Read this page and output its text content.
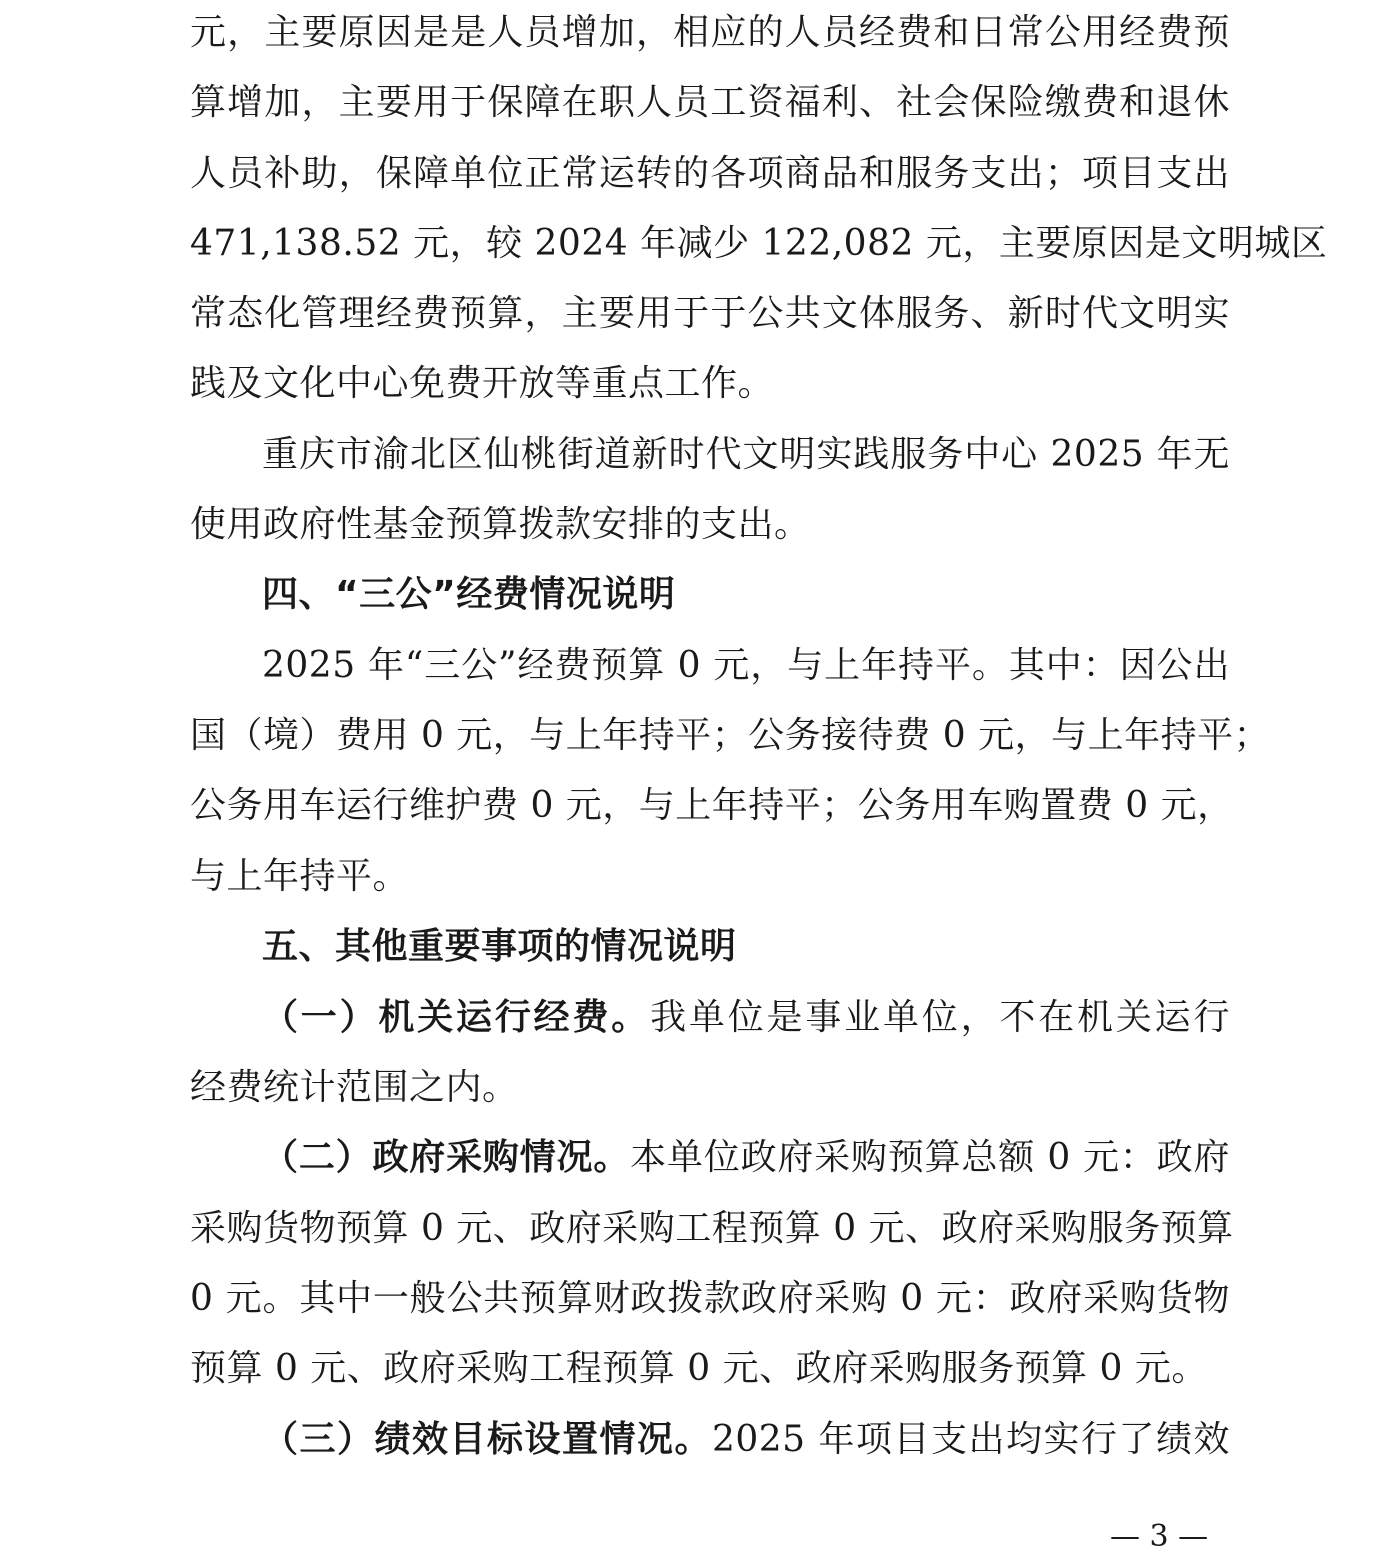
元，主要原因是是人员增加，相应的人员经费和日常公用经费预
算增加，主要用于保障在职人员工资福利、社会保险缴费和退休
人员补助，保障单位正常运转的各项商品和服务支出；项目支出
471,138.52 元，较 2024 年减少 122,082 元，主要原因是文明城区
常态化管理经费预算，主要用于于公共文体服务、新时代文明实
践及文化中心免费开放等重点工作。
重庆市渝北区仙桃街道新时代文明实践服务中心 2025 年无
使用政府性基金预算拨款安排的支出。
四、“三公”经费情况说明
2025 年“三公”经费预算 0 元，与上年持平。其中：因公出
国（境）费用 0 元，与上年持平；公务接待费 0 元，与上年持平；
公务用车运行维护费 0 元，与上年持平；公务用车购置费 0 元，
与上年持平。
五、其他重要事项的情况说明
（一）机关运行经费。我单位是事业单位，不在机关运行
经费统计范围之内。
（二）政府采购情况。本单位政府采购预算总额 0 元：政府
采购货物预算 0 元、政府采购工程预算 0 元、政府采购服务预算
0 元。其中一般公共预算财政拨款政府采购 0 元：政府采购货物
预算 0 元、政府采购工程预算 0 元、政府采购服务预算 0 元。
（三）绩效目标设置情况。2025 年项目支出均实行了绩效
— 3 —
